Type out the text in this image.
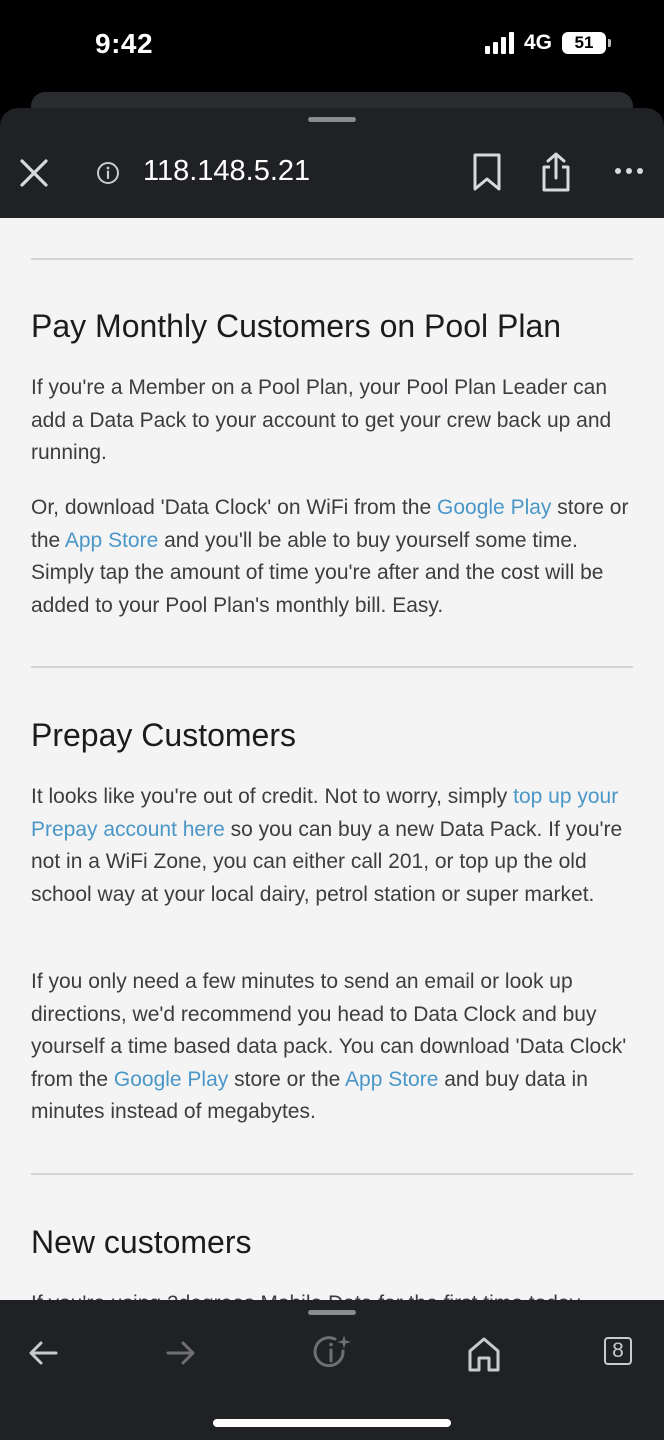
9:42	4G 51
118.148.5.21
Pay Monthly Customers on Pool Plan

If you're a Member on a Pool Plan, your Pool Plan Leader can add a Data Pack to your account to get your crew back up and running.

Or, download 'Data Clock' on WiFi from the Google Play store or the App Store and you'll be able to buy yourself some time. Simply tap the amount of time you're after and the cost will be added to your Pool Plan's monthly bill. Easy.

Prepay Customers

It looks like you're out of credit. Not to worry, simply top up your Prepay account here so you can buy a new Data Pack. If you're not in a WiFi Zone, you can either call 201, or top up the old school way at your local dairy, petrol station or super market.

If you only need a few minutes to send an email or look up directions, we'd recommend you head to Data Clock and buy yourself a time based data pack. You can download 'Data Clock' from the Google Play store or the App Store and buy data in minutes instead of megabytes.

New customers

8
